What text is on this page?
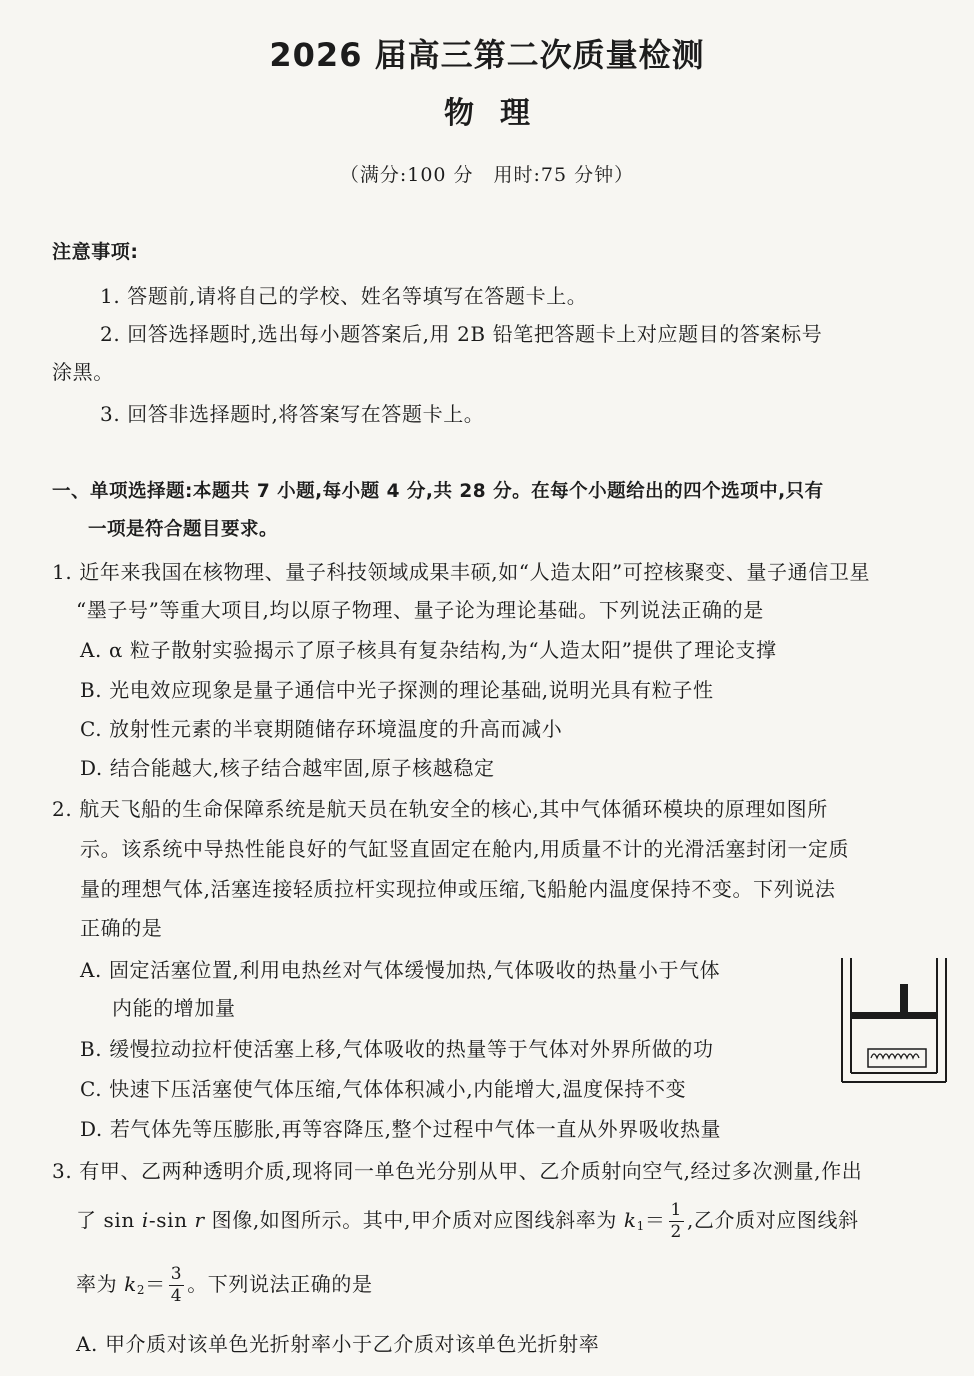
2026 届高三第二次质量检测
物理
（满分:100 分　用时:75 分钟）
注意事项:
1. 答题前,请将自己的学校、姓名等填写在答题卡上。
2. 回答选择题时,选出每小题答案后,用 2B 铅笔把答题卡上对应题目的答案标号
涂黑。
3. 回答非选择题时,将答案写在答题卡上。
一、单项选择题:本题共 7 小题,每小题 4 分,共 28 分。在每个小题给出的四个选项中,只有
一项是符合题目要求。
1. 近年来我国在核物理、量子科技领域成果丰硕,如“人造太阳”可控核聚变、量子通信卫星
“墨子号”等重大项目,均以原子物理、量子论为理论基础。下列说法正确的是
A. α 粒子散射实验揭示了原子核具有复杂结构,为“人造太阳”提供了理论支撑
B. 光电效应现象是量子通信中光子探测的理论基础,说明光具有粒子性
C. 放射性元素的半衰期随储存环境温度的升高而减小
D. 结合能越大,核子结合越牢固,原子核越稳定
2. 航天飞船的生命保障系统是航天员在轨安全的核心,其中气体循环模块的原理如图所
示。该系统中导热性能良好的气缸竖直固定在舱内,用质量不计的光滑活塞封闭一定质
量的理想气体,活塞连接轻质拉杆实现拉伸或压缩,飞船舱内温度保持不变。下列说法
正确的是
A. 固定活塞位置,利用电热丝对气体缓慢加热,气体吸收的热量小于气体
内能的增加量
B. 缓慢拉动拉杆使活塞上移,气体吸收的热量等于气体对外界所做的功
C. 快速下压活塞使气体压缩,气体体积减小,内能增大,温度保持不变
D. 若气体先等压膨胀,再等容降压,整个过程中气体一直从外界吸收热量
3. 有甲、乙两种透明介质,现将同一单色光分别从甲、乙介质射向空气,经过多次测量,作出
了 sin i-sin r 图像,如图所示。其中,甲介质对应图线斜率为 $k_1= \frac{1}{2}$ ,乙介质对应图线斜
率为 $k_2= \frac{3}{4}$ 。下列说法正确的是
A. 甲介质对该单色光折射率小于乙介质对该单色光折射率
